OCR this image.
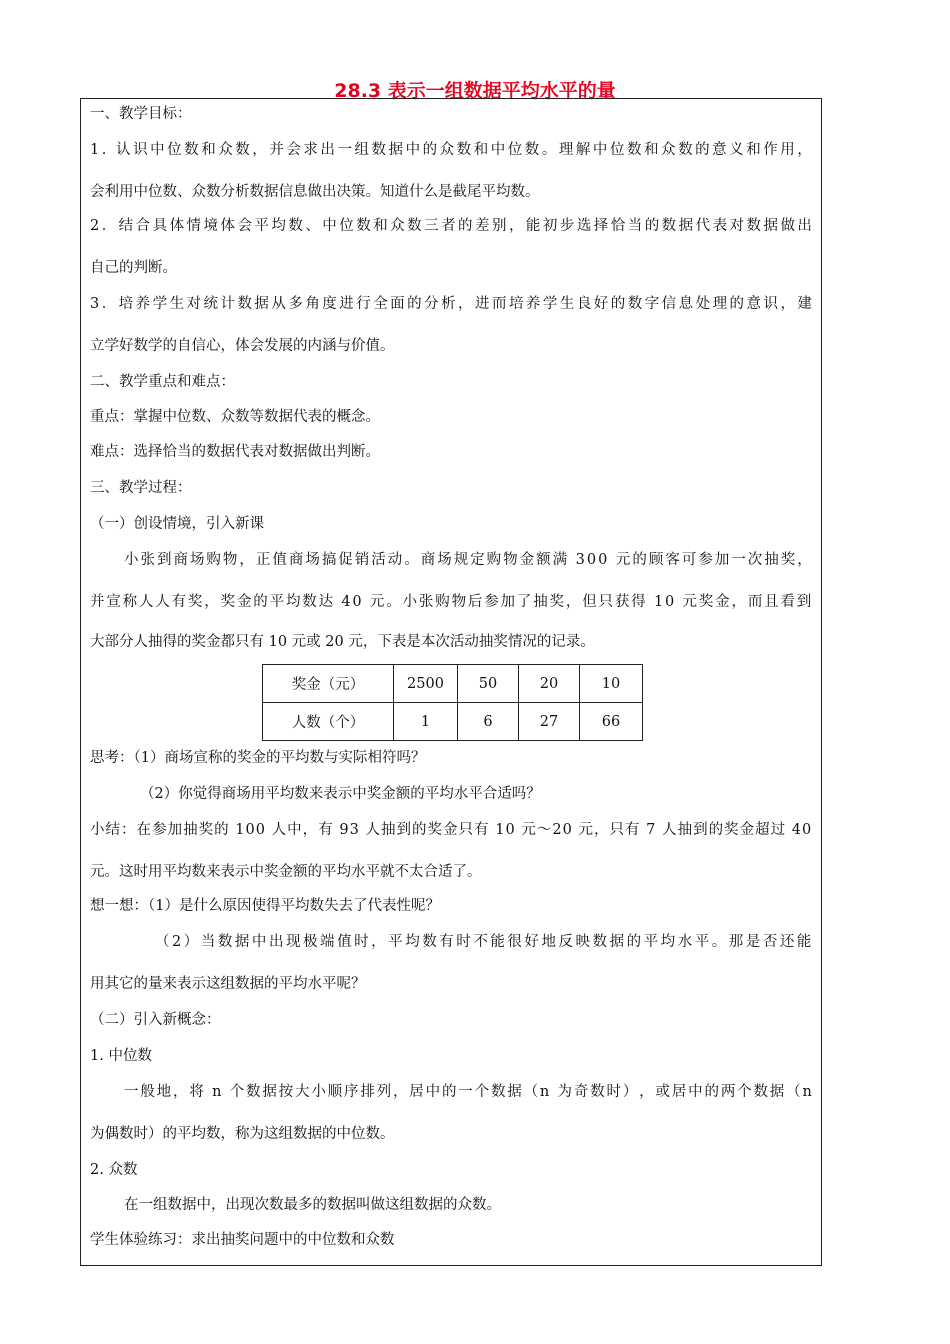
28.3 表示一组数据平均水平的量
一、教学目标：
1 .
认 识 中 位 数 和 众 数 ， 并 会 求 出 一 组 数 据 中 的 众 数 和 中 位 数 。 理 解 中 位 数 和 众 数 的 意 义 和 作 用 ，
会利用中位数、众数分析数据信息做出决策。知道什么是截尾平均数。
2 ． 结 合 具 体 情 境 体 会 平 均 数 、 中 位 数 和 众 数 三 者 的 差 别 ， 能 初 步 选 择 恰 当 的 数 据 代 表 对 数 据 做 出
自己的判断。
3 ． 培 养 学 生 对 统 计 数 据 从 多 角 度 进 行 全 面 的 分 析 ， 进 而 培 养 学 生 良 好 的 数 字 信 息 处 理 的 意 识 ， 建
立学好数学的自信心，体会发展的内涵与价值。
二、教学重点和难点：
重点：掌握中位数、众数等数据代表的概念。
难点：选择恰当的数据代表对数据做出判断。
三、教学过程：
（一）创设情境，引入新课
小 张 到 商 场 购 物 ， 正 值 商 场 搞 促 销 活 动 。 商 场 规 定 购 物 金 额 满
3 0 0
元 的 顾 客 可 参 加 一 次 抽 奖 ，
并 宣 称 人 人 有 奖 ， 奖 金 的 平 均 数 达
4 0
元 。 小 张 购 物 后 参 加 了 抽 奖 ， 但 只 获 得
1 0
元 奖 金 ， 而 且 看 到
大部分人抽得的奖金都只有 10 元或 20 元，下表是本次活动抽奖情况的记录。
奖金（元）	2500	50	20	10
人数（个）	1	6	27	66
思考：（1）商场宣称的奖金的平均数与实际相符吗？
（2）你觉得商场用平均数来表示中奖金额的平均水平合适吗？
小 结 ： 在 参 加 抽 奖 的
1 0 0
人 中 ， 有
9 3
人 抽 到 的 奖 金 只 有
1 0
元 ～ 2 0
元 ， 只 有
7
人 抽 到 的 奖 金 超 过
4 0
元。这时用平均数来表示中奖金额的平均水平就不太合适了。
想一想：（1）是什么原因使得平均数失去了代表性呢？
（ 2 ） 当 数 据 中 出 现 极 端 值 时 ， 平 均 数 有 时 不 能 很 好 地 反 映 数 据 的 平 均 水 平 。 那 是 否 还 能
用其它的量来表示这组数据的平均水平呢？
（二）引入新概念：
1. 中位数
一 般 地 ， 将
n
个 数 据 按 大 小 顺 序 排 列 ， 居 中 的 一 个 数 据 （ n
为 奇 数 时 ） ， 或 居 中 的 两 个 数 据 （ n
为偶数时）的平均数，称为这组数据的中位数。
2. 众数
在一组数据中，出现次数最多的数据叫做这组数据的众数。
学生体验练习：求出抽奖问题中的中位数和众数
